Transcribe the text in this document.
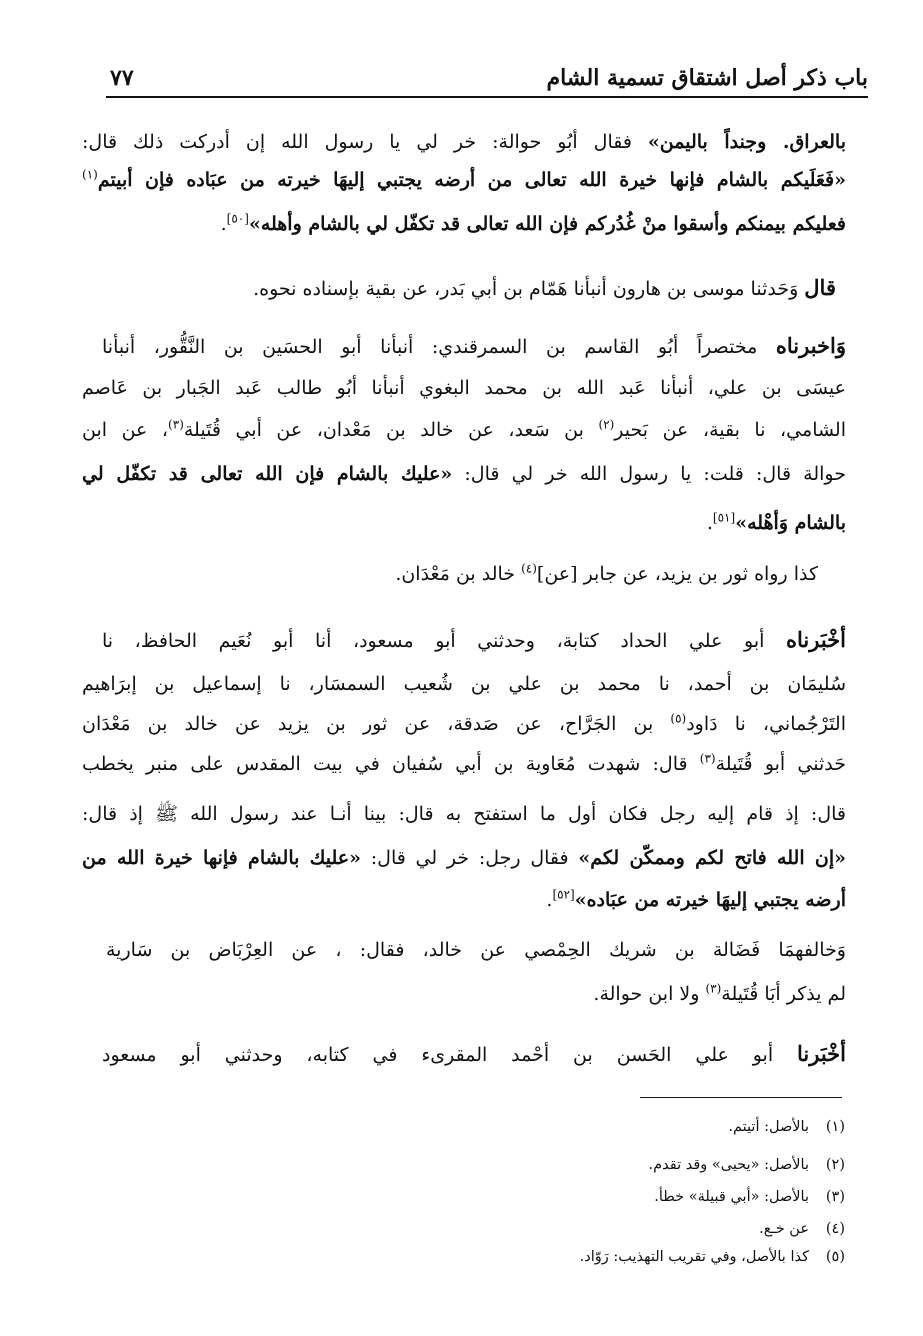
باب ذكر أصل اشتقاق تسمية الشام
٧٧
بالعراق. وجنداً باليمن» فقال أبُو حوالة: خر لي يا رسول الله إن أدركت ذلك قال:
«فَعَلَيكم بالشام فإنها خيرة الله تعالى من أرضه يجتبي إليهَا خيرته من عبَاده فإن أبيتم$^{(١)}$
فعليكم بيمنكم وأسقوا منْ غُدُركم فإن الله تعالى قد تكفّل لي بالشام وأهله»[٥٠].
قال وَحَدثنا موسى بن هارون أنبأنا هَمّام بن أبي بَدر، عن بقية بإسناده نحوه.
وَاخبرناه مختصراً أبُو القاسم بن السمرقندي: أنبأنا أبو الحسَين بن النَّقُّور، أنبأنا
عيسَى بن علي، أنبأنا عَبد الله بن محمد البغوي أنبأنا أبُو طالب عَبد الجَبار بن عَاصم
الشامي، نا بقية، عن بَحير$^{(٢)}$ بن سَعد، عن خالد بن مَعْدان، عن أبي قُتَيلة$^{(٣)}$، عن ابن
حوالة قال: قلت: يا رسول الله خر لي قال: «عليك بالشام فإن الله تعالى قد تكفّل لي
بالشام وَأهْله»[٥١].
كذا رواه ثور بن يزيد، عن جابر [عن]$^{(٤)}$ خالد بن مَعْدَان.
أخْبَرناه أبو علي الحداد كتابة، وحدثني أبو مسعود، أنا أبو نُعَيم الحافظ، نا
سُليمَان بن أحمد، نا محمد بن علي بن شُعيب السمسَار، نا إسماعيل بن إبرَاهيم
التَرْجُماني، نا دَاود$^{(٥)}$ بن الجَرَّاح، عن صَدقة، عن ثور بن يزيد عن خالد بن مَعْدَان
حَدثني أبو قُتَيلة$^{(٣)}$ قال: شهدت مُعَاوية بن أبي سُفيان في بيت المقدس على منبر يخطب
قال: إذ قام إليه رجل فكان أول ما استفتح به قال: بينا أنـا عند رسول الله ﷺ إذ قال:
«إن الله فاتح لكم وممكّن لكم» فقال رجل: خر لي قال: «عليك بالشام فإنها خيرة الله من
أرضه يجتبي إليهَا خيرته من عبَاده»[٥٢].
وَخالفهمَا فَضَالة بن شريك الحِمْصي عن خالد، فقال: ، عن العِرْبَاض بن سَارية
لم يذكر أبَا قُتَيلة$^{(٣)}$ ولا ابن حوالة.
أخْبَرنا أبو علي الحَسن بن أحْمد المقرىء في كتابه، وحدثني أبو مسعود
(١)بالأصل: أتيتم.
(٢)بالأصل: «يحيى» وقد تقدم.
(٣)بالأصل: «أبي قبيلة» خطأ.
(٤)عن خـع.
(٥)كذا بالأصل، وفي تقريب التهذيب: رَوّاد.
